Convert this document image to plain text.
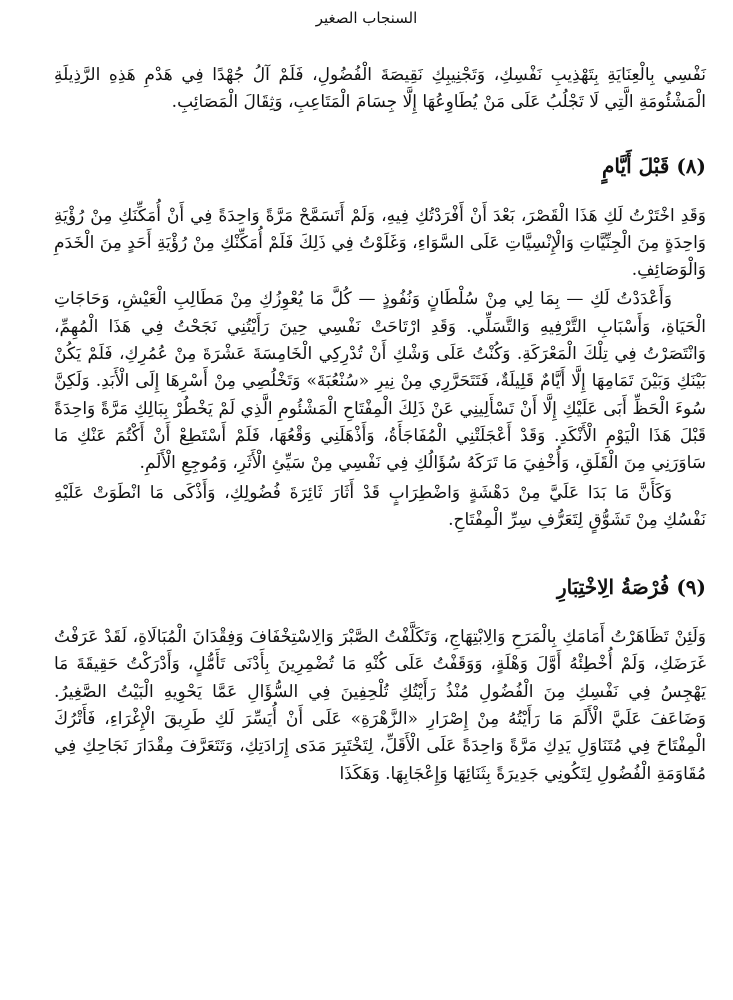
السنجاب الصغير

نَفْسِي بِالْعِنَايَةِ بِتَهْذِيبِ نَفْسِكِ، وَتَجْنِيبِكِ نَقِيصَةَ الْفُضُولِ، فَلَمْ آلُ جُهْدًا فِي هَدْمِ هَذِهِ الرَّذِيلَةِ الْمَشْئُومَةِ الَّتِي لَا تَجْلُبُ عَلَى مَنْ يُطَاوِعُهَا إِلَّا جِسَامَ الْمَتَاعِبِ، وَثِقَالَ الْمَصَائِبِ.

(٨) قَبْلَ أَيَّامٍ

وَقَدِ اخْتَرْتُ لَكِ هَذَا الْقَصْرَ، بَعْدَ أَنْ أَفْرَدْتُكِ فِيهِ، وَلَمْ أَتَسَمَّحْ مَرَّةً وَاحِدَةً فِي أَنْ أُمَكِّنَكِ مِنْ رُؤْيَةِ وَاحِدَةٍ مِنَ الْجِنِّيَّاتِ وَالْإِنْسِيَّاتِ عَلَى السَّوَاءِ، وَغَلَوْتُ فِي ذَلِكَ فَلَمْ أُمَكِّنْكِ مِنْ رُؤْيَةِ أَحَدٍ مِنَ الْخَدَمِ وَالْوَصَائِفِ.

وَأَعْدَدْتُ لَكِ — بِمَا لِي مِنْ سُلْطَانٍ وَنُفُوذٍ — كُلَّ مَا يُعْوِزُكِ مِنْ مَطَالِبِ الْعَيْشِ، وَحَاجَاتِ الْحَيَاةِ، وَأَسْبَابِ التَّرْفِيهِ وَالتَّسَلِّي. وَقَدِ ارْتَاحَتْ نَفْسِي حِينَ رَأَيْتُنِي نَجَحْتُ فِي هَذَا الْمُهِمِّ، وَانْتَصَرْتُ فِي تِلْكَ الْمَعْرَكَةِ. وَكُنْتُ عَلَى وَشْكِ أَنْ تُدْرِكِي الْخَامِسَةَ عَشْرَةَ مِنْ عُمُرِكِ، فَلَمْ يَكُنْ بَيْنَكِ وَبَيْنَ تَمَامِهَا إِلَّا أَيَّامٌ قَلِيلَةٌ، فَتَتَحَرَّرِي مِنْ نِيرِ «سُنْعُبَةَ» وَتَخْلُصِي مِنْ أَسْرِهَا إِلَى الْأَبَدِ. وَلَكِنَّ سُوءَ الْحَظِّ أَبَى عَلَيْكِ إِلَّا أَنْ تَسْأَلِينِي عَنْ ذَلِكَ الْمِفْتَاحِ الْمَشْئُومِ الَّذِي لَمْ يَخْطُرْ بِبَالِكِ مَرَّةً وَاحِدَةً قَبْلَ هَذَا الْيَوْمِ الْأَنْكَدِ. وَقَدْ أَعْجَلَتْنِي الْمُفَاجَأَةُ، وَأَذْهَلَنِي وَقْعُهَا، فَلَمْ أَسْتَطِعْ أَنْ أَكْتُمَ عَنْكِ مَا سَاوَرَنِي مِنَ الْقَلَقِ، وَأُخْفِيَ مَا تَرَكَهُ سُؤَالُكِ فِي نَفْسِي مِنْ سَيِّئِ الْأَثَرِ، وَمُوجِعِ الْأَلَمِ.

وَكَأَنَّ مَا بَدَا عَلَيَّ مِنْ دَهْشَةٍ وَاضْطِرَابٍ قَدْ أَثَارَ ثَائِرَةَ فُضُولِكِ، وَأَذْكَى مَا انْطَوَتْ عَلَيْهِ نَفْسُكِ مِنْ تَشَوُّقٍ لِتَعَرُّفِ سِرِّ الْمِفْتَاحِ.

(٩) فُرْصَةُ الِاخْتِبَارِ

وَلَئِنْ تَظَاهَرْتُ أَمَامَكِ بِالْمَرَحِ وَالِابْتِهَاجِ، وَتَكَلَّفْتُ الصَّبْرَ وَالِاسْتِخْفَافَ وَفِقْدَانَ الْمُبَالَاةِ، لَقَدْ عَرَفْتُ غَرَضَكِ، وَلَمْ أُخْطِئْهُ أَوَّلَ وَهْلَةٍ، وَوَقَفْتُ عَلَى كُنْهِ مَا تُضْمِرِينَ بِأَدْنَى تَأَمُّلٍ، وَأَدْرَكْتُ حَقِيقَةَ مَا يَهْجِسُ فِي نَفْسِكِ مِنَ الْفُضُولِ مُنْذُ رَأَيْتُكِ تُلْحِفِينَ فِي السُّؤَالِ عَمَّا يَحْوِيهِ الْبَيْتُ الصَّغِيرُ. وَضَاعَفَ عَلَيَّ الْأَلَمَ مَا رَأَيْتُهُ مِنْ إِصْرَارِ «الزَّهْرَةِ» عَلَى أَنْ أُيَسِّرَ لَكِ طَرِيقَ الْإِغْرَاءِ، فَأَتْرُكَ الْمِفْتَاحَ فِي مُتَنَاوَلِ يَدِكِ مَرَّةً وَاحِدَةً عَلَى الْأَقَلِّ، لِتَخْتَبِرَ مَدَى إِرَادَتِكِ، وَتَتَعَرَّفَ مِقْدَارَ نَجَاحِكِ فِي مُقَاوَمَةِ الْفُضُولِ لِتَكُونِي جَدِيرَةً بِثَنَائِهَا وَإِعْجَابِهَا. وَهَكَذَا
